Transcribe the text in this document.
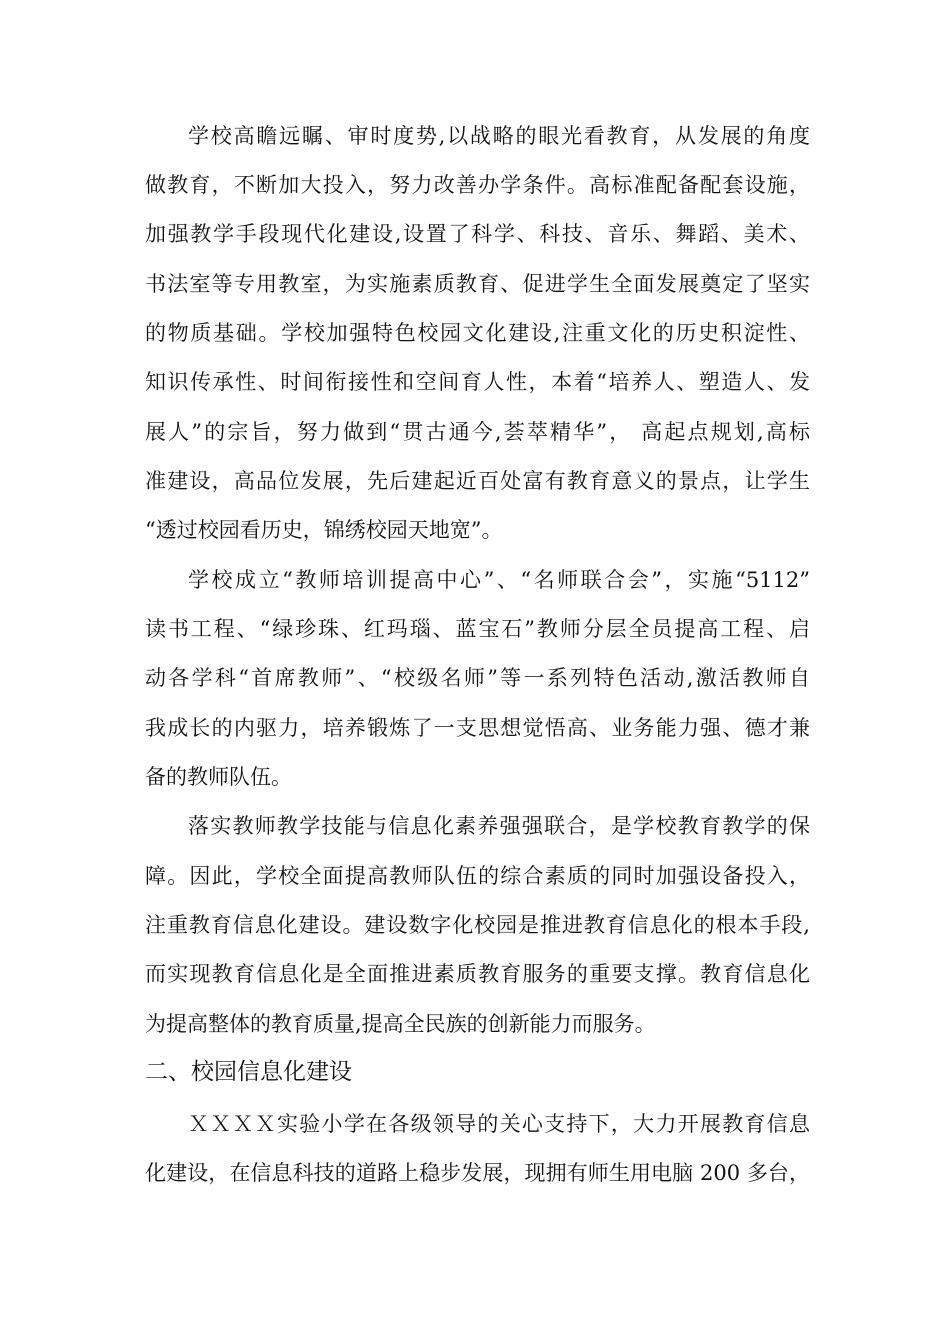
学校高瞻远瞩、审时度势,以战略的眼光看教育，从发展的角度
做教育，不断加大投入，努力改善办学条件。高标准配备配套设施，
加强教学手段现代化建设,设置了科学、科技、音乐、舞蹈、美术、
书法室等专用教室，为实施素质教育、促进学生全面发展奠定了坚实
的物质基础。学校加强特色校园文化建设,注重文化的历史积淀性、
知识传承性、时间衔接性和空间育人性，本着“培养人、塑造人、发
展人”的宗旨，努力做到“贯古通今,荟萃精华”， 高起点规划,高标
准建设，高品位发展，先后建起近百处富有教育意义的景点，让学生
“透过校园看历史，锦绣校园天地宽”。
学校成立“教师培训提高中心”、“名师联合会”，实施“5112”
读书工程、“绿珍珠、红玛瑙、蓝宝石”教师分层全员提高工程、启
动各学科“首席教师”、“校级名师”等一系列特色活动,激活教师自
我成长的内驱力，培养锻炼了一支思想觉悟高、业务能力强、德才兼
备的教师队伍。
落实教师教学技能与信息化素养强强联合，是学校教育教学的保
障。因此，学校全面提高教师队伍的综合素质的同时加强设备投入，
注重教育信息化建设。建设数字化校园是推进教育信息化的根本手段,
而实现教育信息化是全面推进素质教育服务的重要支撑。教育信息化
为提高整体的教育质量,提高全民族的创新能力而服务。
二、校园信息化建设
ＸＸＸＸ实验小学在各级领导的关心支持下，大力开展教育信息
化建设，在信息科技的道路上稳步发展，现拥有师生用电脑 200 多台，
